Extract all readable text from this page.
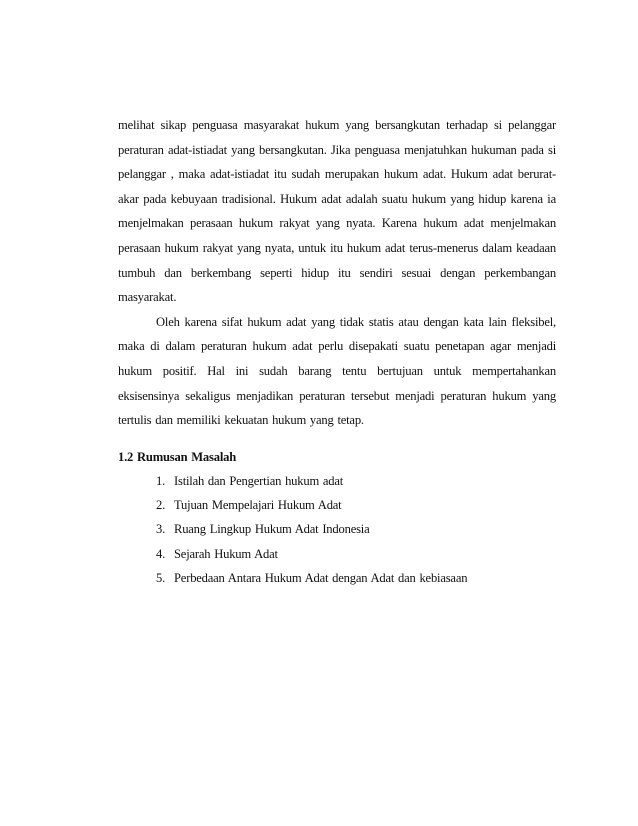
melihat sikap penguasa masyarakat hukum yang bersangkutan terhadap si pelanggar peraturan adat-istiadat yang bersangkutan. Jika penguasa menjatuhkan hukuman pada si pelanggar , maka adat-istiadat itu sudah merupakan hukum adat. Hukum adat berurat-akar pada kebuyaan tradisional. Hukum adat adalah suatu hukum yang hidup karena ia menjelmakan perasaan hukum rakyat yang nyata. Karena hukum adat menjelmakan perasaan hukum rakyat yang nyata, untuk itu hukum adat terus-menerus dalam keadaan tumbuh dan berkembang seperti hidup itu sendiri sesuai dengan perkembangan masyarakat.

Oleh karena sifat hukum adat yang tidak statis atau dengan kata lain fleksibel, maka di dalam peraturan hukum adat perlu disepakati suatu penetapan agar menjadi hukum positif. Hal ini sudah barang tentu bertujuan untuk mempertahankan eksisensinya sekaligus menjadikan peraturan tersebut menjadi peraturan hukum yang tertulis dan memiliki kekuatan hukum yang tetap.

1.2 Rumusan Masalah
1. Istilah dan Pengertian hukum adat
2. Tujuan Mempelajari Hukum Adat
3. Ruang Lingkup Hukum Adat Indonesia
4. Sejarah Hukum Adat
5. Perbedaan Antara Hukum Adat dengan Adat dan kebiasaan
